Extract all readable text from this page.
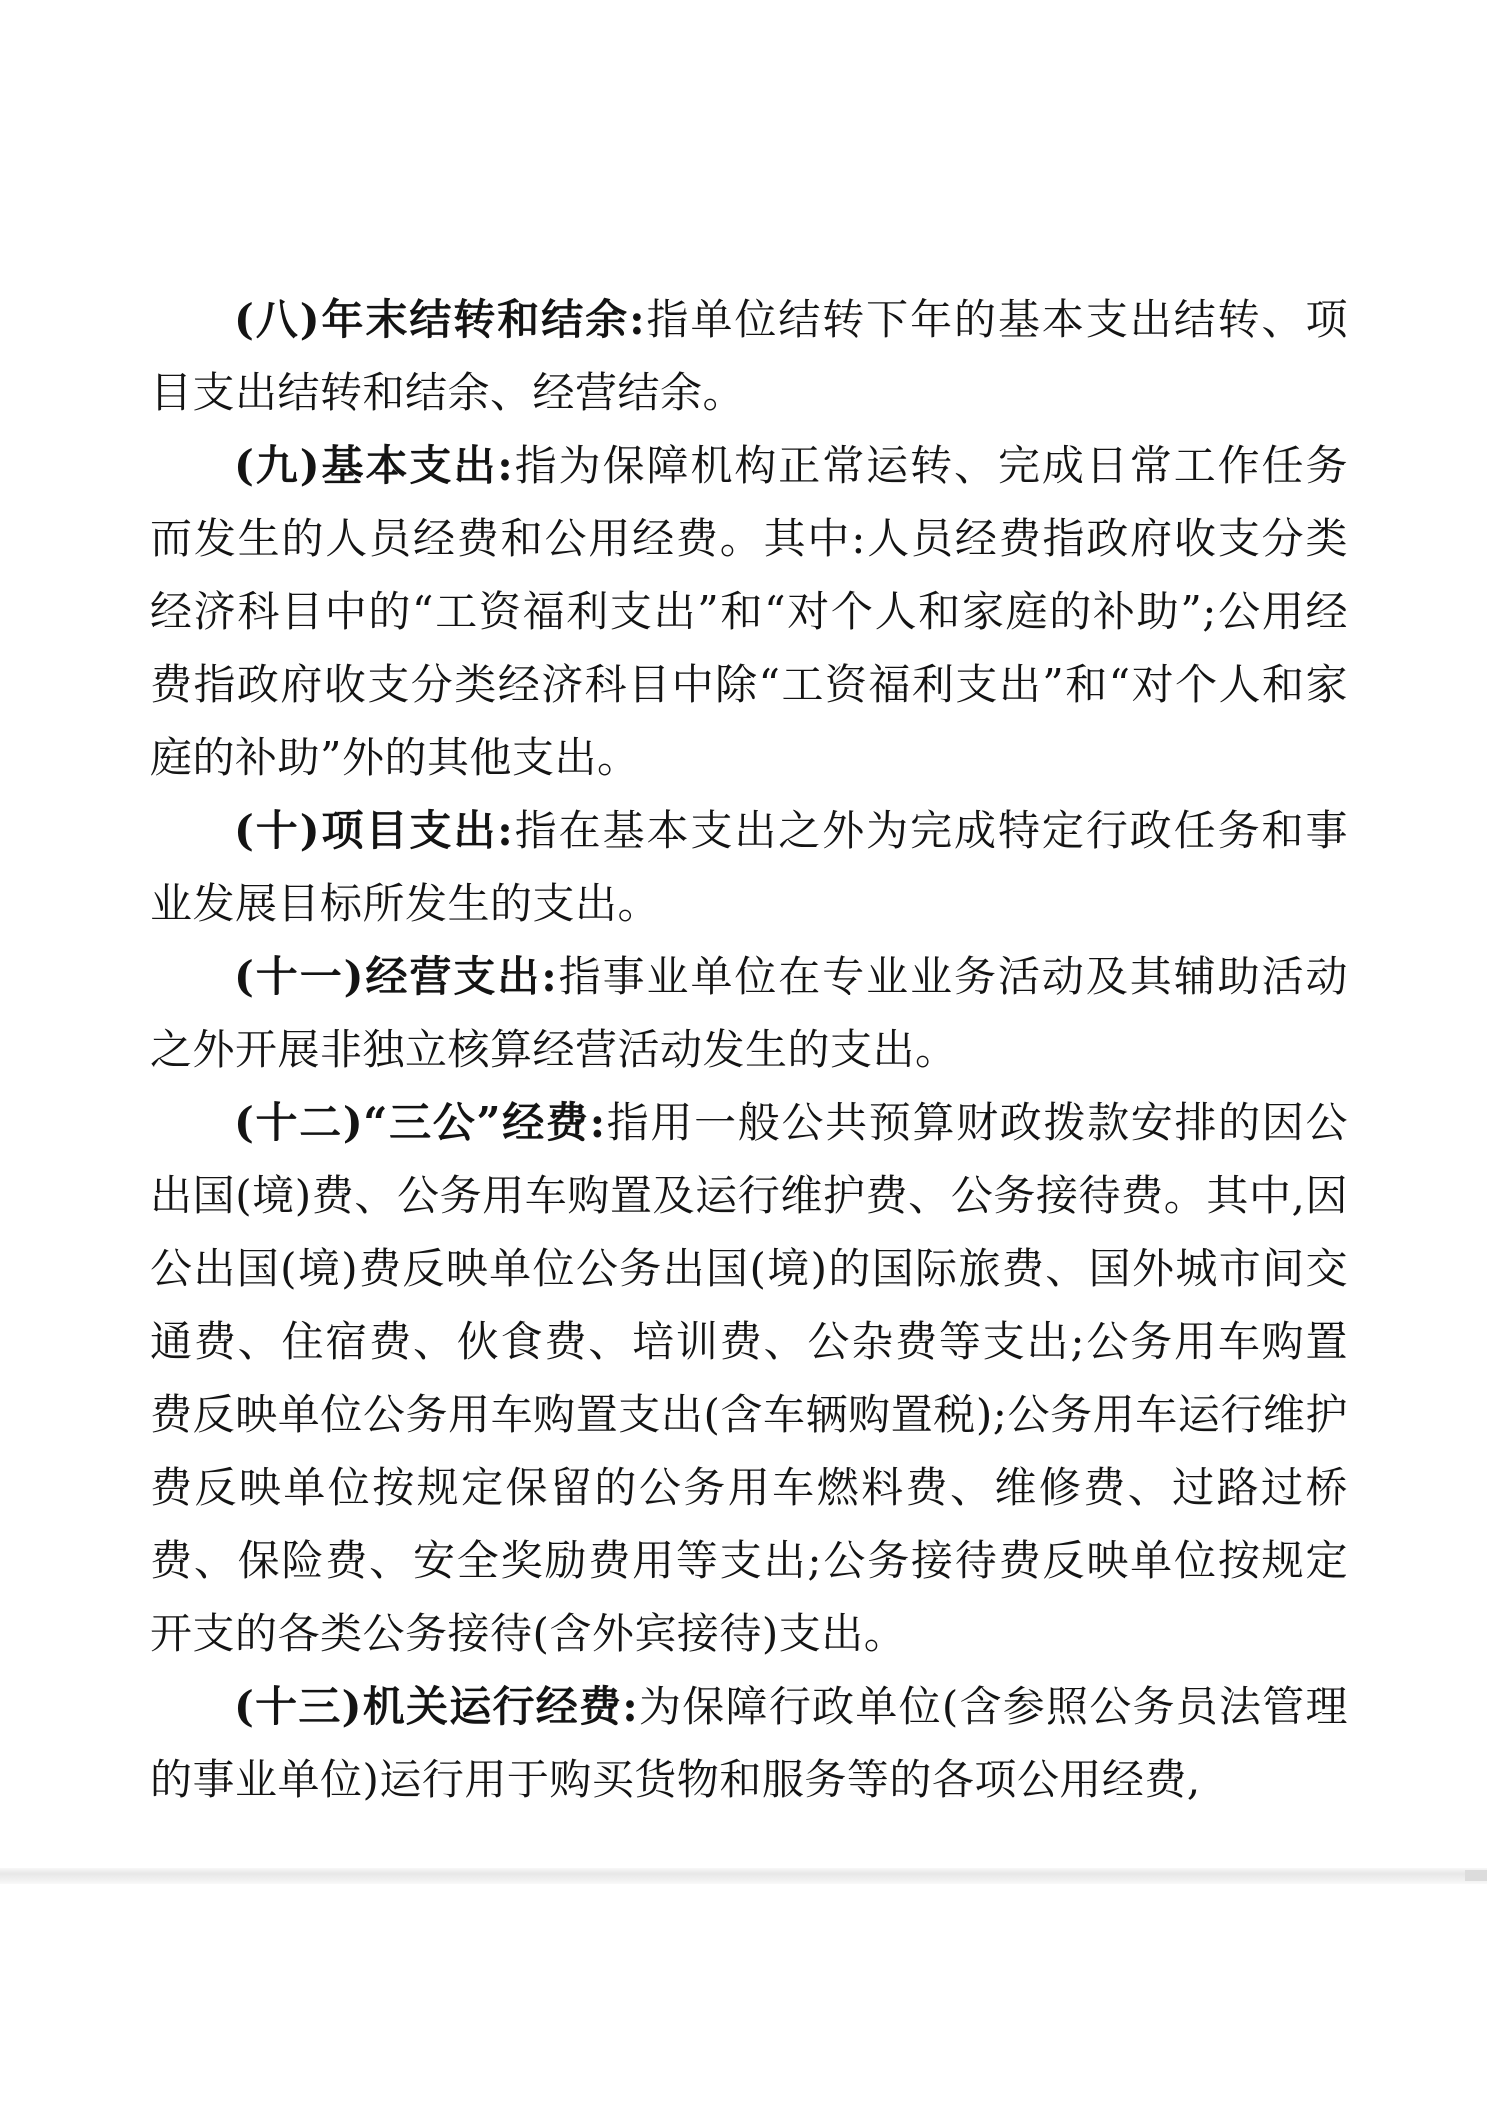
(八)年末结转和结余:指单位结转下年的基本支出结转、项目支出结转和结余、经营结余。

(九)基本支出:指为保障机构正常运转、完成日常工作任务而发生的人员经费和公用经费。其中:人员经费指政府收支分类经济科目中的“工资福利支出”和“对个人和家庭的补助”;公用经费指政府收支分类经济科目中除“工资福利支出”和“对个人和家庭的补助”外的其他支出。

(十)项目支出:指在基本支出之外为完成特定行政任务和事业发展目标所发生的支出。

(十一)经营支出:指事业单位在专业业务活动及其辅助活动之外开展非独立核算经营活动发生的支出。

(十二)“三公”经费:指用一般公共预算财政拨款安排的因公出国(境)费、公务用车购置及运行维护费、公务接待费。其中,因公出国(境)费反映单位公务出国(境)的国际旅费、国外城市间交通费、住宿费、伙食费、培训费、公杂费等支出;公务用车购置费反映单位公务用车购置支出(含车辆购置税);公务用车运行维护费反映单位按规定保留的公务用车燃料费、维修费、过路过桥费、保险费、安全奖励费用等支出;公务接待费反映单位按规定开支的各类公务接待(含外宾接待)支出。

(十三)机关运行经费:为保障行政单位(含参照公务员法管理的事业单位)运行用于购买货物和服务等的各项公用经费,
